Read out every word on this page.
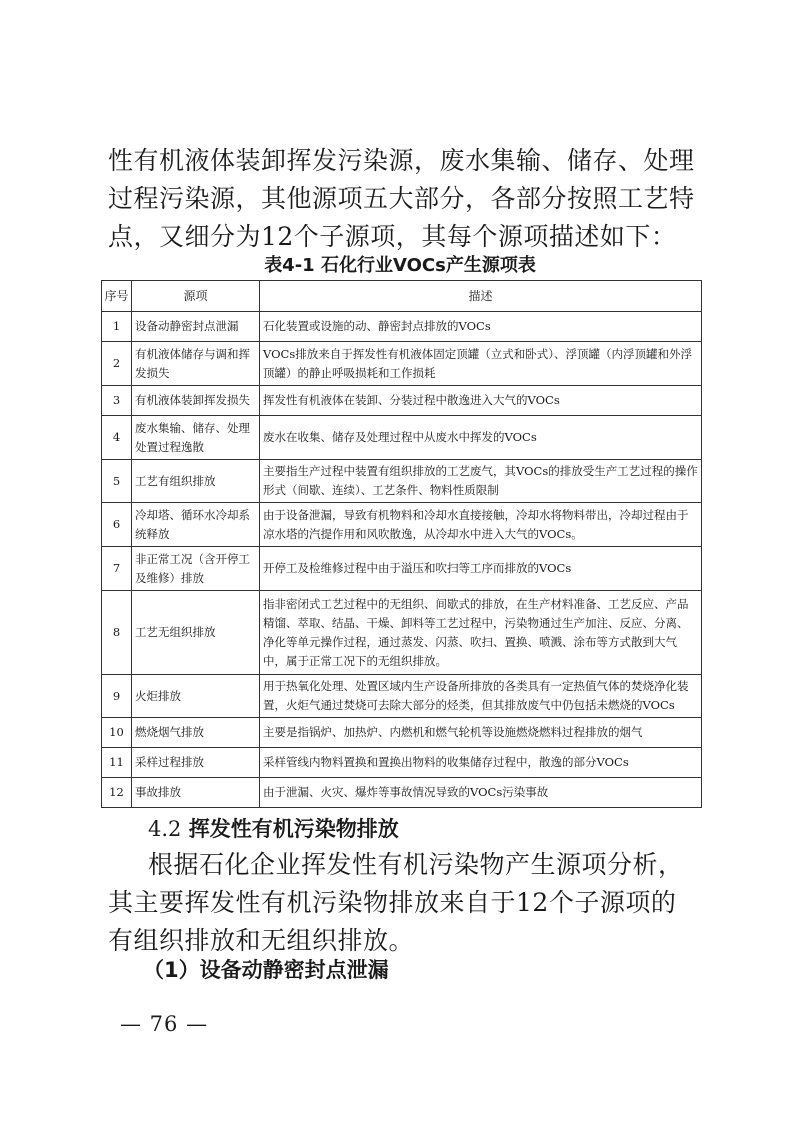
性有机液体装卸挥发污染源，废水集输、储存、处理过程污染源，其他源项五大部分，各部分按照工艺特点，又细分为12个子源项，其每个源项描述如下：

表4-1 石化行业VOCs产生源项表
序号	源项	描述
1	设备动静密封点泄漏	石化装置或设施的动、静密封点排放的VOCs
2	有机液体储存与调和挥发损失	VOCs排放来自于挥发性有机液体固定顶罐（立式和卧式）、浮顶罐（内浮顶罐和外浮顶罐）的静止呼吸损耗和工作损耗
3	有机液体装卸挥发损失	挥发性有机液体在装卸、分装过程中散逸进入大气的VOCs
4	废水集输、储存、处理处置过程逸散	废水在收集、储存及处理过程中从废水中挥发的VOCs
5	工艺有组织排放	主要指生产过程中装置有组织排放的工艺废气，其VOCs的排放受生产工艺过程的操作形式（间歇、连续）、工艺条件、物料性质限制
6	冷却塔、循环水冷却系统释放	由于设备泄漏，导致有机物料和冷却水直接接触，冷却水将物料带出，冷却过程由于凉水塔的汽提作用和风吹散逸，从冷却水中进入大气的VOCs。
7	非正常工况（含开停工及维修）排放	开停工及检维修过程中由于溢压和吹扫等工序而排放的VOCs
8	工艺无组织排放	指非密闭式工艺过程中的无组织、间歇式的排放，在生产材料准备、工艺反应、产品精馏、萃取、结晶、干燥、卸料等工艺过程中，污染物通过生产加注、反应、分离、净化等单元操作过程，通过蒸发、闪蒸、吹扫、置换、喷溅、涂布等方式散到大气中，属于正常工况下的无组织排放。
9	火炬排放	用于热氧化处理、处置区域内生产设备所排放的各类具有一定热值气体的焚烧净化装置，火炬气通过焚烧可去除大部分的烃类，但其排放废气中仍包括未燃烧的VOCs
10	燃烧烟气排放	主要是指锅炉、加热炉、内燃机和燃气轮机等设施燃烧燃料过程排放的烟气
11	采样过程排放	采样管线内物料置换和置换出物料的收集储存过程中，散逸的部分VOCs
12	事故排放	由于泄漏、火灾、爆炸等事故情况导致的VOCs污染事故
4.2 挥发性有机污染物排放

根据石化企业挥发性有机污染物产生源项分析，其主要挥发性有机污染物排放来自于12个子源项的有组织排放和无组织排放。

（1）设备动静密封点泄漏
— 76 —
